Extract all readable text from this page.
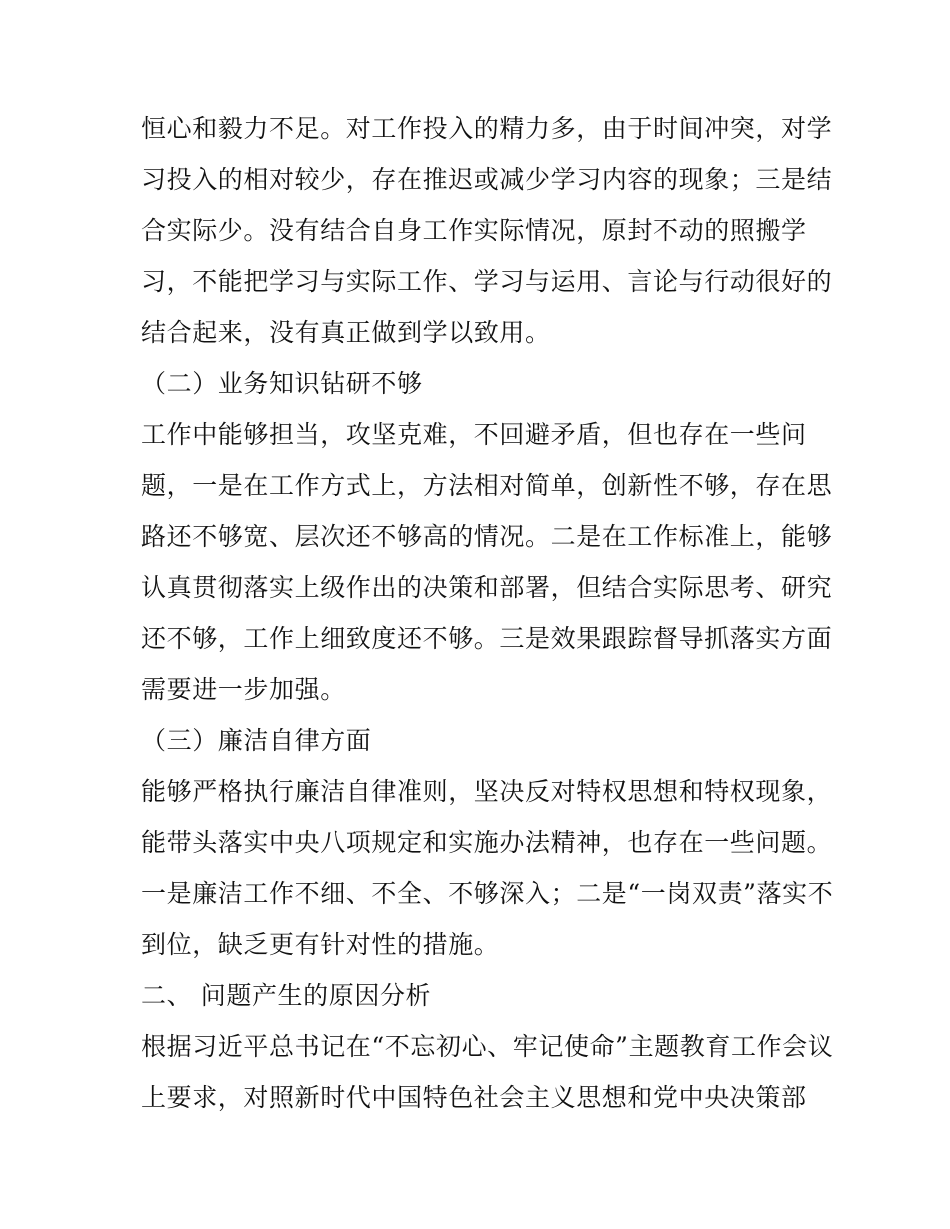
恒心和毅力不足。对工作投入的精力多，由于时间冲突，对学
习投入的相对较少，存在推迟或减少学习内容的现象；三是结
合实际少。没有结合自身工作实际情况，原封不动的照搬学
习，不能把学习与实际工作、学习与运用、言论与行动很好的
结合起来，没有真正做到学以致用。
（二）业务知识钻研不够
工作中能够担当，攻坚克难，不回避矛盾，但也存在一些问
题，一是在工作方式上，方法相对简单，创新性不够，存在思
路还不够宽、层次还不够高的情况。二是在工作标准上，能够
认真贯彻落实上级作出的决策和部署，但结合实际思考、研究
还不够，工作上细致度还不够。三是效果跟踪督导抓落实方面
需要进一步加强。
（三）廉洁自律方面
能够严格执行廉洁自律准则，坚决反对特权思想和特权现象，
能带头落实中央八项规定和实施办法精神，也存在一些问题。
一是廉洁工作不细、不全、不够深入；二是“一岗双责”落实不
到位，缺乏更有针对性的措施。
二、 问题产生的原因分析
根据习近平总书记在“不忘初心、牢记使命”主题教育工作会议
上要求，对照新时代中国特色社会主义思想和党中央决策部
